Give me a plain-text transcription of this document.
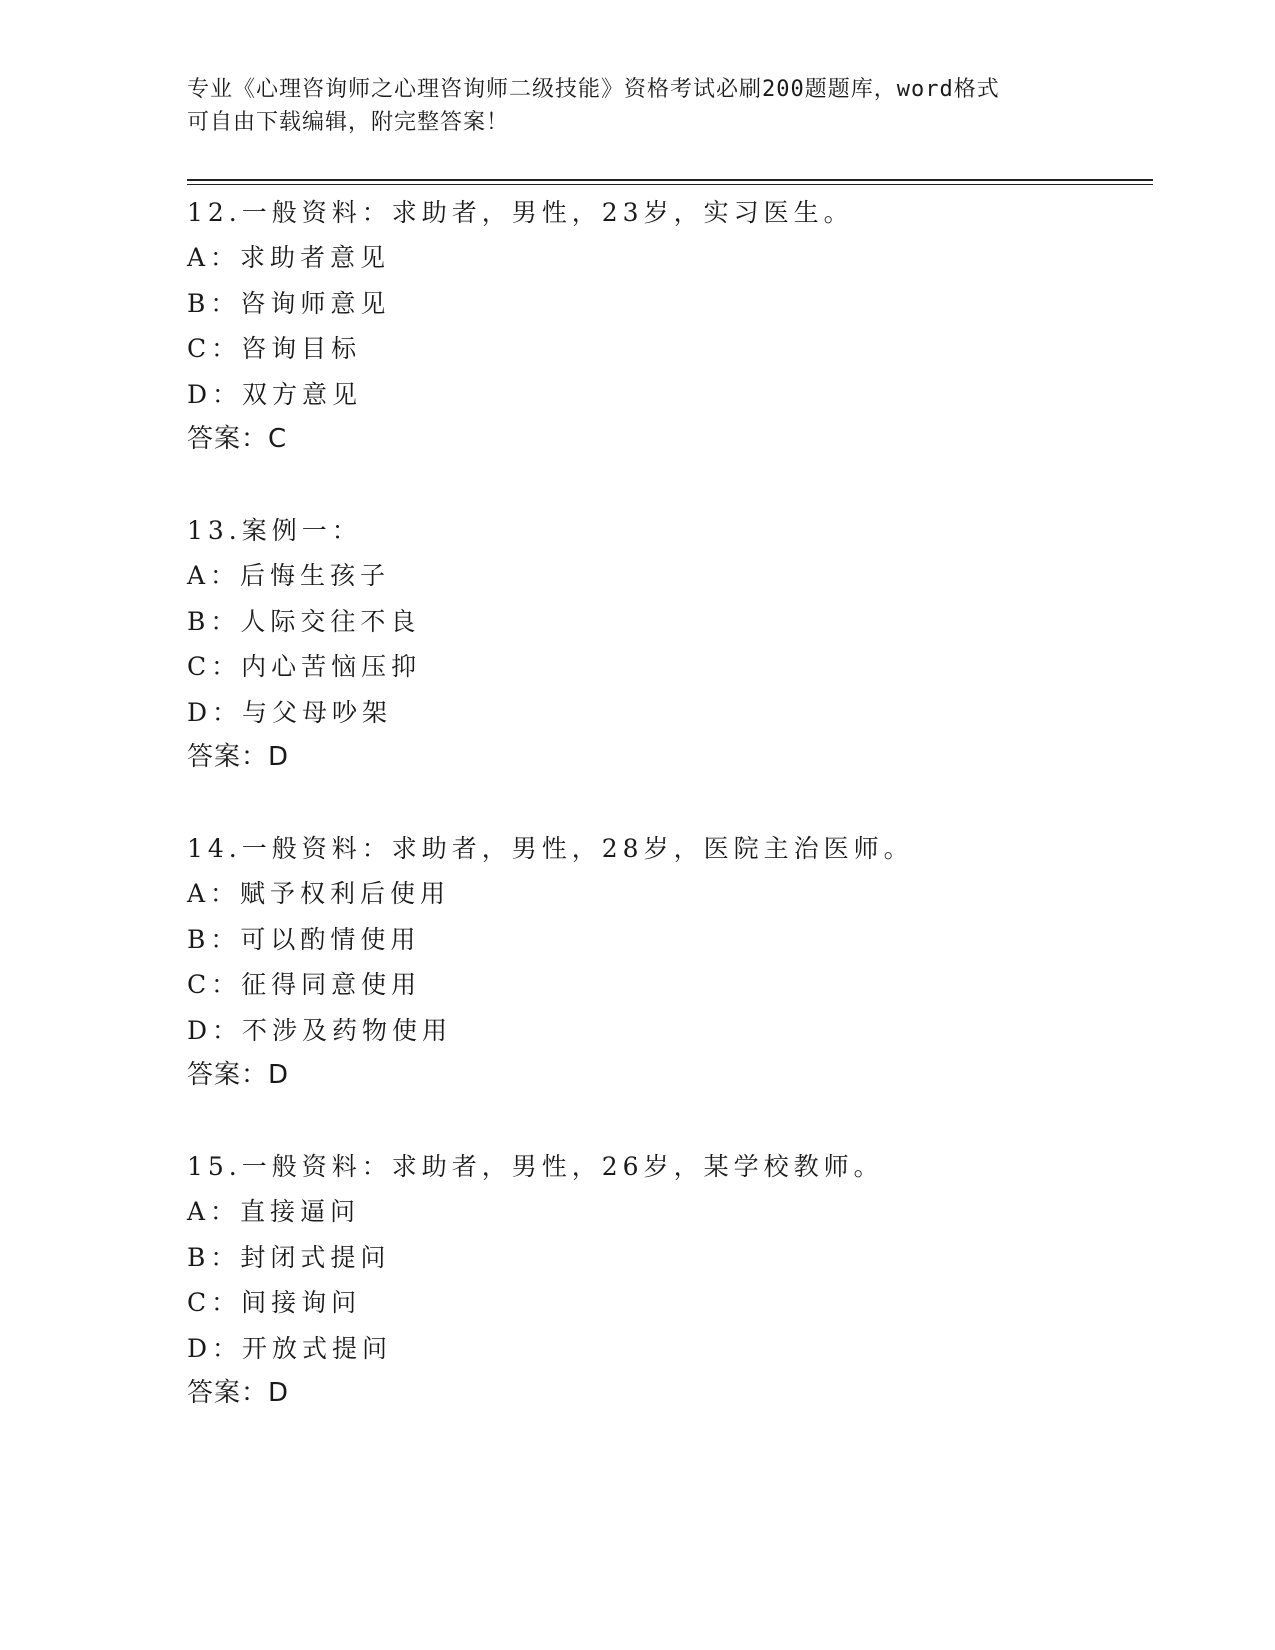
专业《心理咨询师之心理咨询师二级技能》资格考试必刷200题题库，word格式
可自由下载编辑，附完整答案！
12.一般资料：求助者，男性，23岁，实习医生。
A：求助者意见
B：咨询师意见
C：咨询目标
D：双方意见
答案：C
13.案例一：
A：后悔生孩子
B：人际交往不良
C：内心苦恼压抑
D：与父母吵架
答案：D
14.一般资料：求助者，男性，28岁，医院主治医师。
A：赋予权利后使用
B：可以酌情使用
C：征得同意使用
D：不涉及药物使用
答案：D
15.一般资料：求助者，男性，26岁，某学校教师。
A：直接逼问
B：封闭式提问
C：间接询问
D：开放式提问
答案：D
